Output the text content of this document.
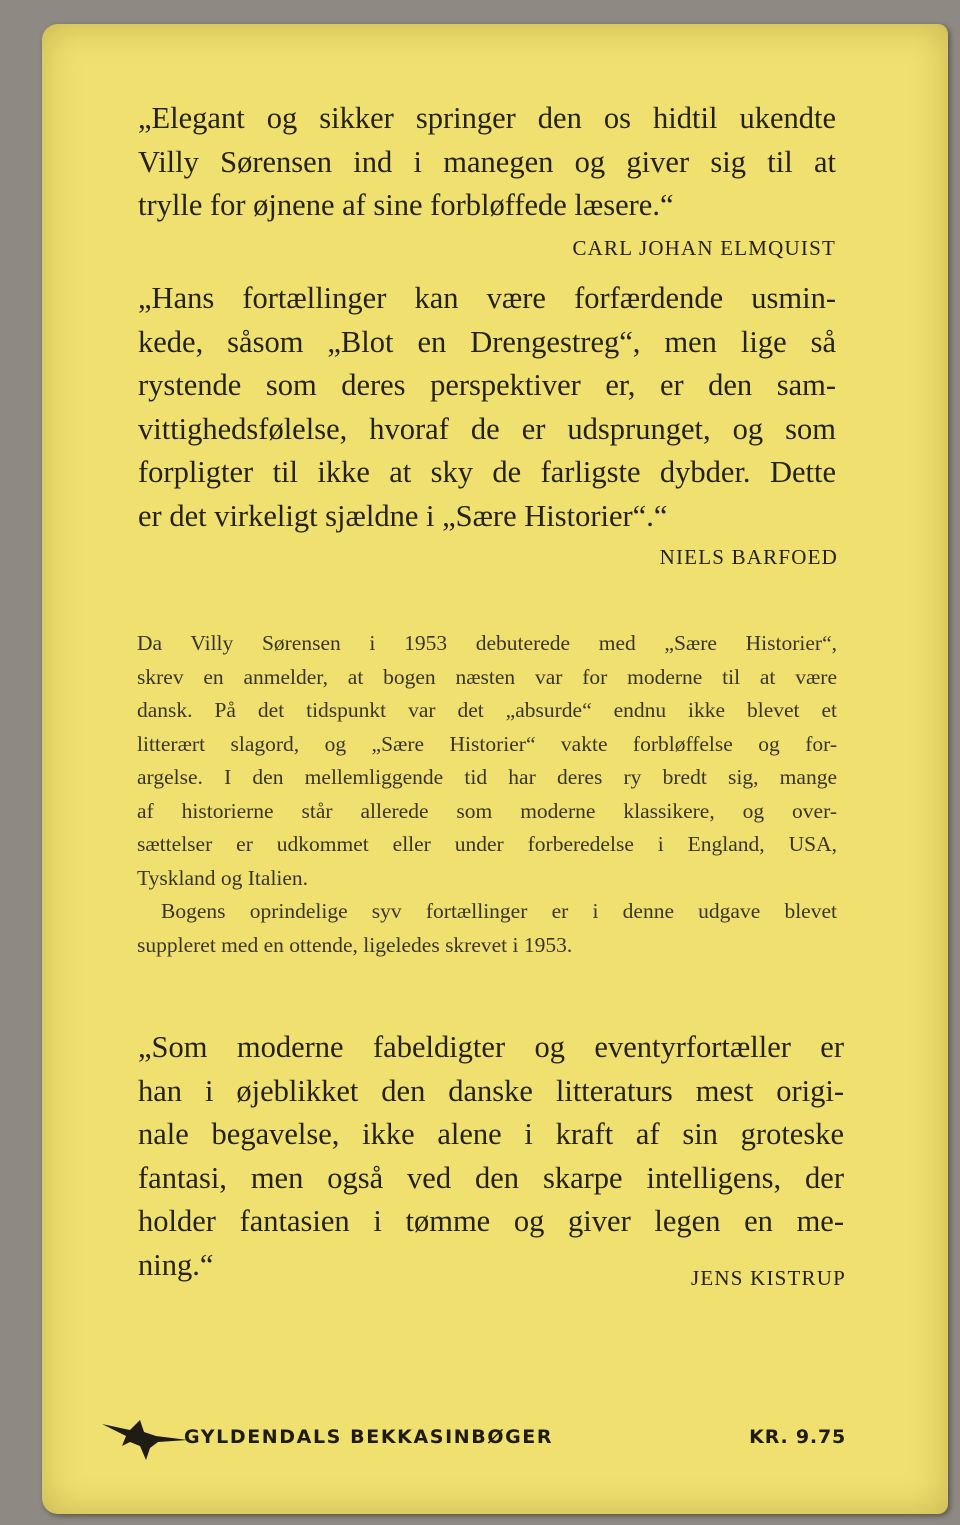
„Elegant og sikker springer den os hidtil ukendte
Villy Sørensen ind i manegen og giver sig til at
trylle for øjnene af sine forbløffede læsere.“
CARL JOHAN ELMQUIST
„Hans fortællinger kan være forfærdende usmin-
kede, såsom „Blot en Drengestreg“, men lige så
rystende som deres perspektiver er, er den sam-
vittighedsfølelse, hvoraf de er udsprunget, og som
forpligter til ikke at sky de farligste dybder. Dette
er det virkeligt sjældne i „Sære Historier“.“
NIELS BARFOED
Da Villy Sørensen i 1953 debuterede med „Sære Historier“,
skrev en anmelder, at bogen næsten var for moderne til at være
dansk. På det tidspunkt var det „absurde“ endnu ikke blevet et
litterært slagord, og „Sære Historier“ vakte forbløffelse og for-
argelse. I den mellemliggende tid har deres ry bredt sig, mange
af historierne står allerede som moderne klassikere, og over-
sættelser er udkommet eller under forberedelse i England, USA,
Tyskland og Italien.
Bogens oprindelige syv fortællinger er i denne udgave blevet
suppleret med en ottende, ligeledes skrevet i 1953.
„Som moderne fabeldigter og eventyrfortæller er
han i øjeblikket den danske litteraturs mest origi-
nale begavelse, ikke alene i kraft af sin groteske
fantasi, men også ved den skarpe intelligens, der
holder fantasien i tømme og giver legen en me-
ning.“	JENS KISTRUP
GYLDENDALS BEKKASINBØGER	KR. 9.75
